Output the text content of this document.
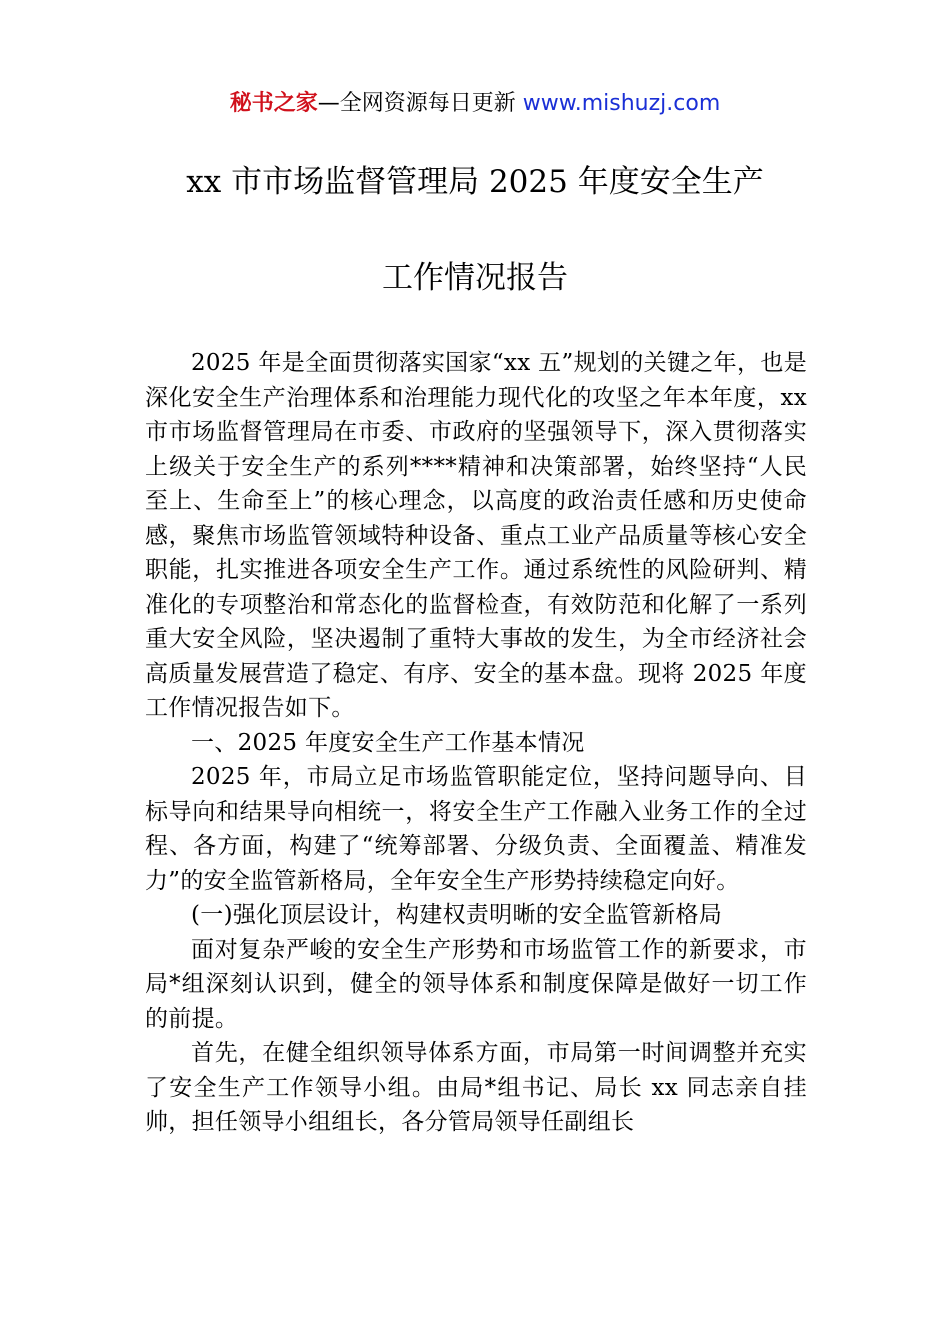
秘书之家—全网资源每日更新 www.mishuzj.com
xx 市市场监督管理局 2025 年度安全生产
工作情况报告

2025 年是全面贯彻落实国家“xx 五”规划的关键之年，也是深化安全生产治理体系和治理能力现代化的攻坚之年本年度，xx 市市场监督管理局在市委、市政府的坚强领导下，深入贯彻落实上级关于安全生产的系列****精神和决策部署，始终坚持“人民至上、生命至上”的核心理念，以高度的政治责任感和历史使命感，聚焦市场监管领域特种设备、重点工业产品质量等核心安全职能，扎实推进各项安全生产工作。通过系统性的风险研判、精准化的专项整治和常态化的监督检查，有效防范和化解了一系列重大安全风险，坚决遏制了重特大事故的发生，为全市经济社会高质量发展营造了稳定、有序、安全的基本盘。现将 2025 年度工作情况报告如下。

一、2025 年度安全生产工作基本情况

2025 年，市局立足市场监管职能定位，坚持问题导向、目标导向和结果导向相统一，将安全生产工作融入业务工作的全过程、各方面，构建了“统筹部署、分级负责、全面覆盖、精准发力”的安全监管新格局，全年安全生产形势持续稳定向好。

(一)强化顶层设计，构建权责明晰的安全监管新格局

面对复杂严峻的安全生产形势和市场监管工作的新要求，市局*组深刻认识到，健全的领导体系和制度保障是做好一切工作的前提。

首先，在健全组织领导体系方面，市局第一时间调整并充实了安全生产工作领导小组。由局*组书记、局长 xx 同志亲自挂帅，担任领导小组组长，各分管局领导任副组长
